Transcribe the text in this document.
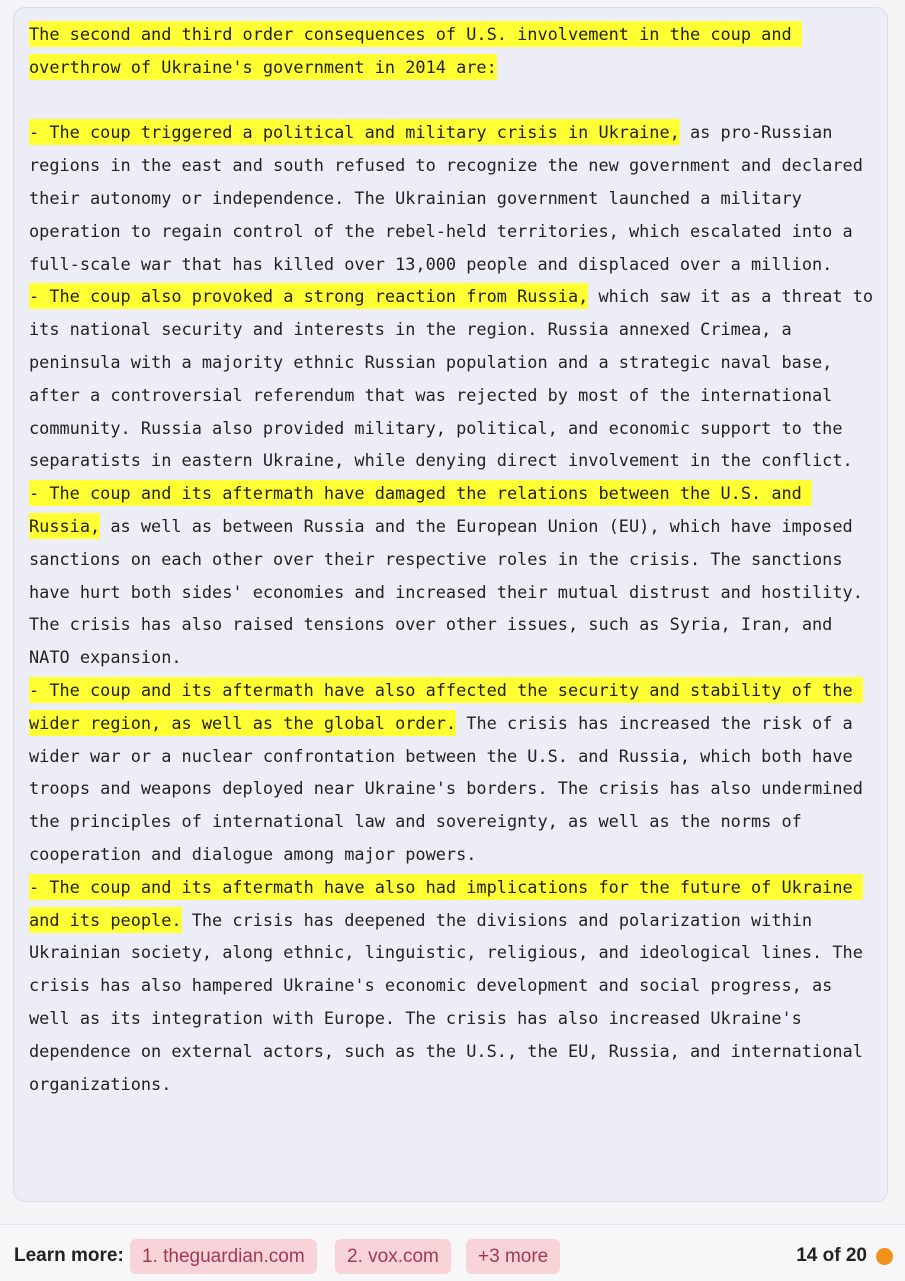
The second and third order consequences of U.S. involvement in the coup and overthrow of Ukraine's government in 2014 are:
- The coup triggered a political and military crisis in Ukraine, as pro-Russian regions in the east and south refused to recognize the new government and declared their autonomy or independence. The Ukrainian government launched a military operation to regain control of the rebel-held territories, which escalated into a full-scale war that has killed over 13,000 people and displaced over a million.
- The coup also provoked a strong reaction from Russia, which saw it as a threat to its national security and interests in the region. Russia annexed Crimea, a peninsula with a majority ethnic Russian population and a strategic naval base, after a controversial referendum that was rejected by most of the international community. Russia also provided military, political, and economic support to the separatists in eastern Ukraine, while denying direct involvement in the conflict.
- The coup and its aftermath have damaged the relations between the U.S. and Russia, as well as between Russia and the European Union (EU), which have imposed sanctions on each other over their respective roles in the crisis. The sanctions have hurt both sides' economies and increased their mutual distrust and hostility. The crisis has also raised tensions over other issues, such as Syria, Iran, and NATO expansion.
- The coup and its aftermath have also affected the security and stability of the wider region, as well as the global order. The crisis has increased the risk of a wider war or a nuclear confrontation between the U.S. and Russia, which both have troops and weapons deployed near Ukraine's borders. The crisis has also undermined the principles of international law and sovereignty, as well as the norms of cooperation and dialogue among major powers.
- The coup and its aftermath have also had implications for the future of Ukraine and its people. The crisis has deepened the divisions and polarization within Ukrainian society, along ethnic, linguistic, religious, and ideological lines. The crisis has also hampered Ukraine's economic development and social progress, as well as its integration with Europe. The crisis has also increased Ukraine's dependence on external actors, such as the U.S., the EU, Russia, and international organizations.
Learn more: 1. theguardian.com	2. vox.com	+3 more	14 of 20
